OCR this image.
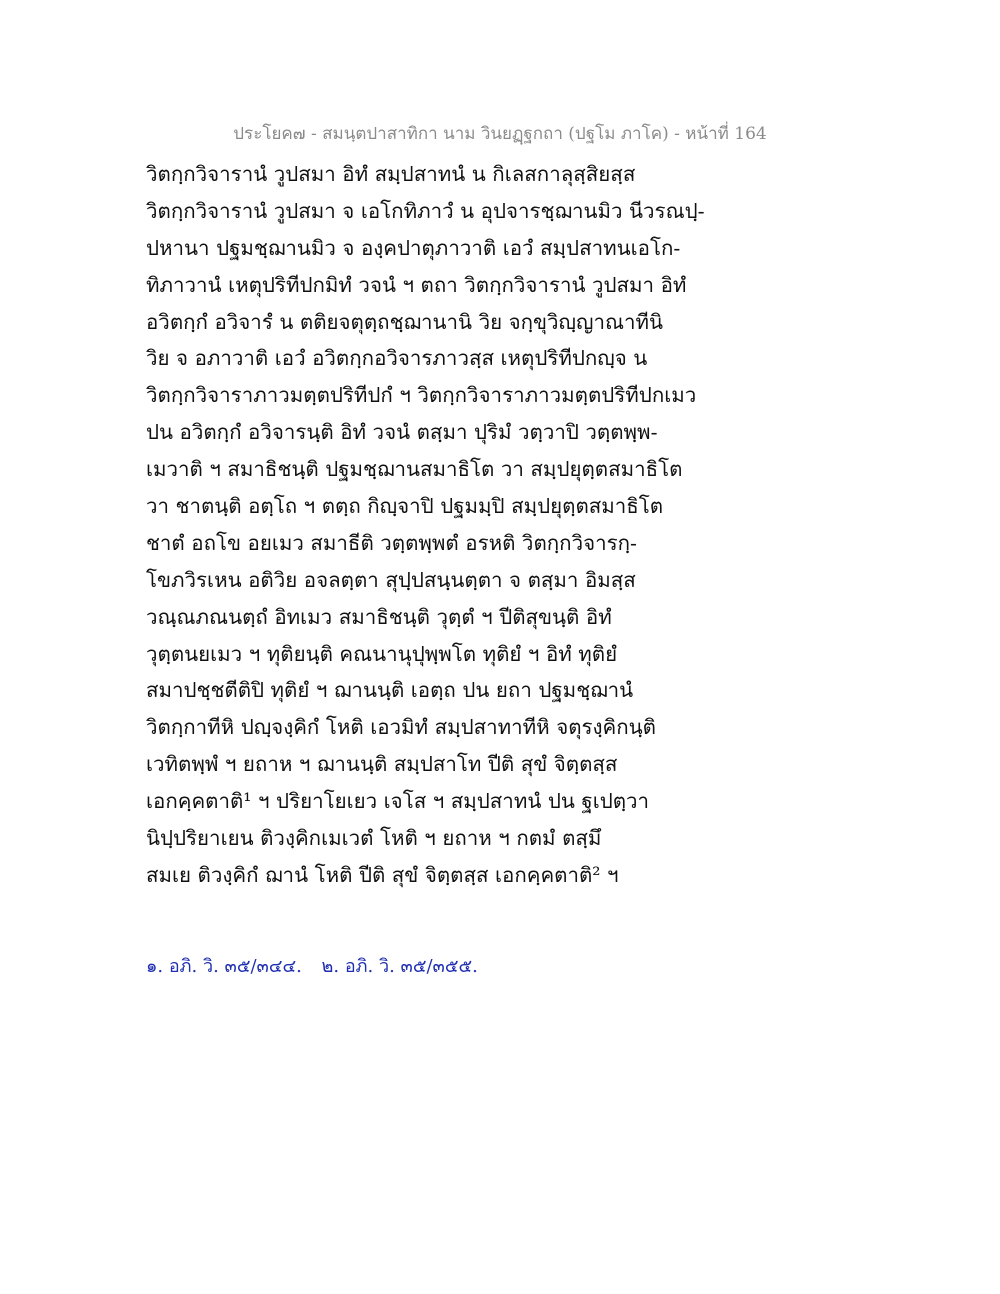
ประโยค๗ - สมนฺตปาสาทิกา นาม วินยฏฺฐกถา (ปฐโม ภาโค) - หน้าที่ 164
วิตกฺกวิจารานํ วูปสมา อิทํ สมฺปสาทนํ น กิเลสกาลุสฺสิยสฺส
วิตกฺกวิจารานํ วูปสมา จ เอโกทิภาวํ น อุปจารชฺฌานมิว นีวรณปฺ-
ปหานา ปฐมชฺฌานมิว จ องฺคปาตุภาวาติ เอวํ สมฺปสาทนเอโก-
ทิภาวานํ เหตุปริทีปกมิทํ วจนํ ฯ ตถา วิตกฺกวิจารานํ วูปสมา อิทํ
อวิตกฺกํ อวิจารํ น ตติยจตุตฺถชฺฌานานิ วิย จกฺขุวิญฺญาณาทีนิ
วิย จ อภาวาติ เอวํ อวิตกฺกอวิจารภาวสฺส เหตุปริทีปกญฺจ น
วิตกฺกวิจาราภาวมตฺตปริทีปกํ ฯ วิตกฺกวิจาราภาวมตฺตปริทีปกเมว
ปน อวิตกฺกํ อวิจารนฺติ อิทํ วจนํ ตสฺมา ปุริมํ วตฺวาปิ วตฺตพฺพ-
เมวาติ ฯ สมาธิชนฺติ ปฐมชฺฌานสมาธิโต วา สมฺปยุตฺตสมาธิโต
วา ชาตนฺติ อตฺโถ ฯ ตตฺถ กิญฺจาปิ ปฐมมฺปิ สมฺปยุตฺตสมาธิโต
ชาตํ อถโข อยเมว สมาธีติ วตฺตพฺพตํ อรหติ วิตกฺกวิจารกฺ-
โขภวิรเหน อติวิย อจลตฺตา สุปฺปสนฺนตฺตา จ ตสฺมา อิมสฺส
วณฺณภณนตฺถํ อิทเมว สมาธิชนฺติ วุตฺตํ ฯ ปีติสุขนฺติ อิทํ
วุตฺตนยเมว ฯ ทุติยนฺติ คณนานุปุพฺพโต ทุติยํ ฯ อิทํ ทุติยํ
สมาปชฺชตีติปิ ทุติยํ ฯ ฌานนฺติ เอตฺถ ปน ยถา ปฐมชฺฌานํ
วิตกฺกาทีหิ ปญฺจงฺคิกํ โหติ เอวมิทํ สมฺปสาทาทีหิ จตุรงฺคิกนฺติ
เวทิตพฺพํ ฯ ยถาห ฯ ฌานนฺติ สมฺปสาโท ปีติ สุขํ จิตฺตสฺส
เอกคฺคตาติ¹ ฯ ปริยาโยเยว เจโส ฯ สมฺปสาทนํ ปน ฐเปตฺวา
นิปฺปริยาเยน ติวงฺคิกเมเวตํ โหติ ฯ ยถาห ฯ กตมํ ตสฺมึ
สมเย ติวงฺคิกํ ฌานํ โหติ ปีติ สุขํ จิตฺตสฺส เอกคฺคตาติ² ฯ
๑. อภิ. วิ. ๓๕/๓๔๔. ๒. อภิ. วิ. ๓๕/๓๕๕.
